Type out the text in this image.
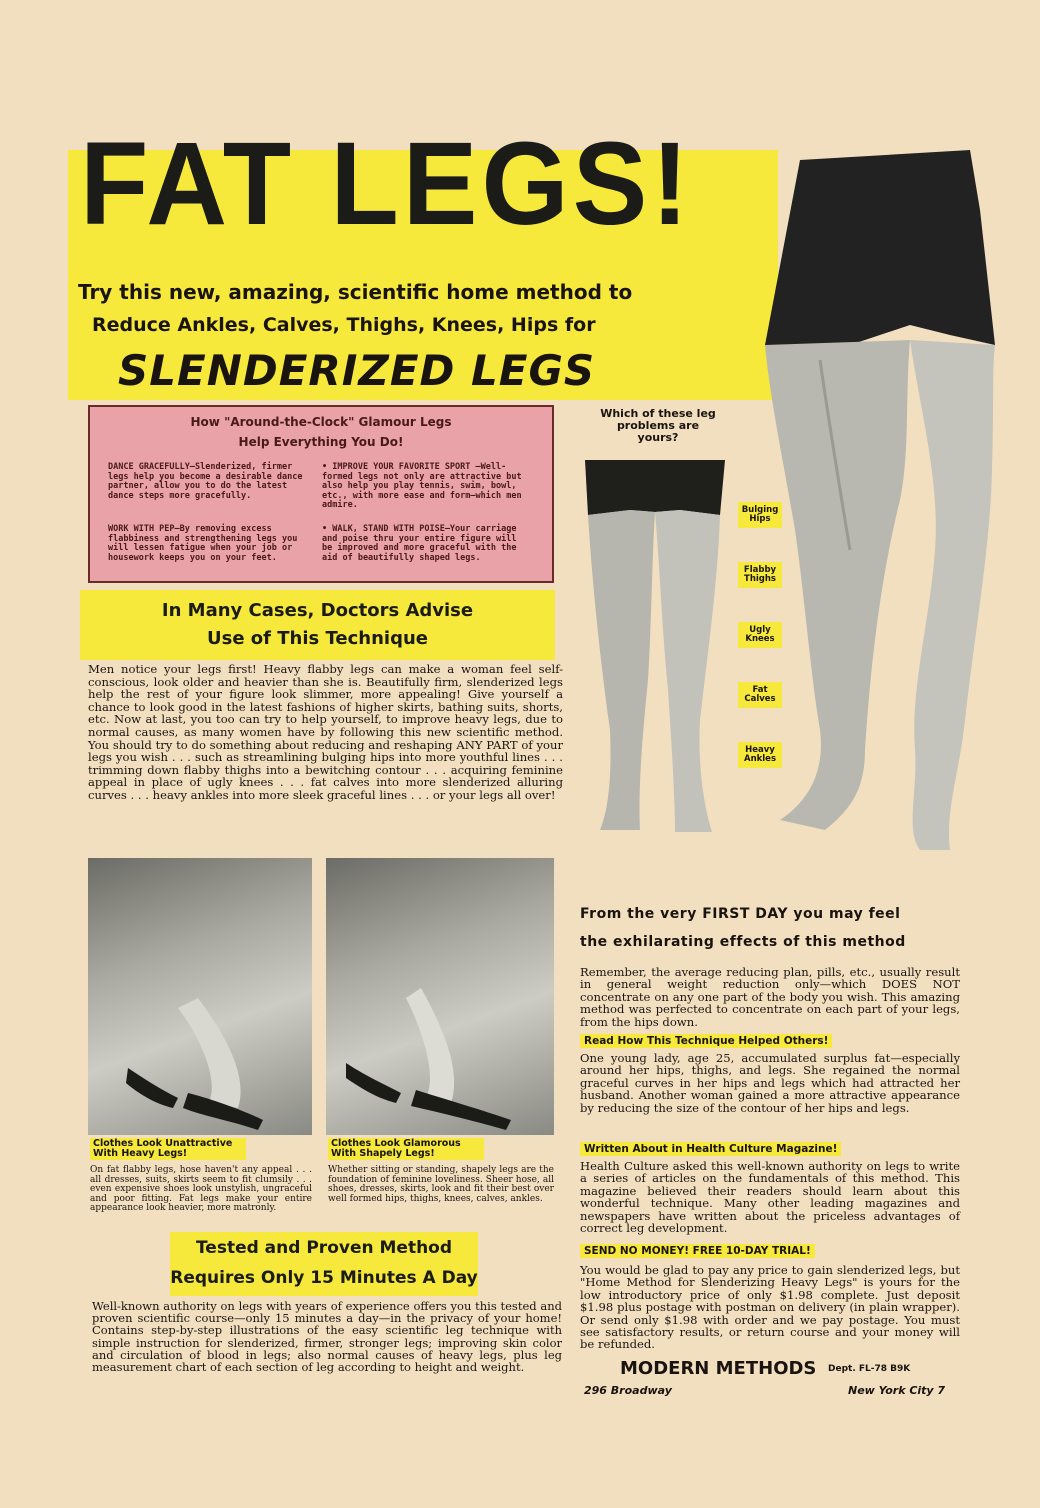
FAT LEGS!
Try this new, amazing, scientific home method to
Reduce Ankles, Calves, Thighs, Knees, Hips for
SLENDERIZED LEGS
How "Around-the-Clock" Glamour Legs
Help Everything You Do!
DANCE GRACEFULLY—Slenderized, firmer legs help you become a desirable dance partner, allow you to do the latest dance steps more gracefully.
• IMPROVE YOUR FAVORITE SPORT —Well-formed legs not only are attractive but also help you play tennis, swim, bowl, etc., with more ease and form—which men admire.
WORK WITH PEP—By removing excess flabbiness and strengthening legs you will lessen fatigue when your job or housework keeps you on your feet.
• WALK, STAND WITH POISE—Your carriage and poise thru your entire figure will be improved and more graceful with the aid of beautifully shaped legs.
In Many Cases, Doctors Advise
Use of This Technique
Men notice your legs first! Heavy flabby legs can make a woman feel self-conscious, look older and heavier than she is. Beautifully firm, slenderized legs help the rest of your figure look slimmer, more appealing! Give yourself a chance to look good in the latest fashions of higher skirts, bathing suits, shorts, etc. Now at last, you too can try to help yourself, to improve heavy legs, due to normal causes, as many women have by following this new scientific method. You should try to do something about reducing and reshaping ANY PART of your legs you wish . . . such as streamlining bulging hips into more youthful lines . . . trimming down flabby thighs into a bewitching contour . . . acquiring feminine appeal in place of ugly knees . . . fat calves into more slenderized alluring curves . . . heavy ankles into more sleek graceful lines . . . or your legs all over!
Clothes Look Unattractive With Heavy Legs!
On fat flabby legs, hose haven't any appeal . . . all dresses, suits, skirts seem to fit clumsily . . . even expensive shoes look unstylish, ungraceful and poor fitting. Fat legs make your entire appearance look heavier, more matronly.
Clothes Look Glamorous With Shapely Legs!
Whether sitting or standing, shapely legs are the foundation of feminine loveliness. Sheer hose, all shoes, dresses, skirts, look and fit their best over well formed hips, thighs, knees, calves, ankles.
Tested and Proven Method
Requires Only 15 Minutes A Day
Well-known authority on legs with years of experience offers you this tested and proven scientific course—only 15 minutes a day—in the privacy of your home! Contains step-by-step illustrations of the easy scientific leg technique with simple instruction for slenderized, firmer, stronger legs; improving skin color and circulation of blood in legs; also normal causes of heavy legs, plus leg measurement chart of each section of leg according to height and weight.
Which of these leg problems are yours?
Bulging Hips
Flabby Thighs
Ugly Knees
Fat Calves
Heavy Ankles
From the very FIRST DAY you may feel
the exhilarating effects of this method
Remember, the average reducing plan, pills, etc., usually result in general weight reduction only—which DOES NOT concentrate on any one part of the body you wish. This amazing method was perfected to concentrate on each part of your legs, from the hips down.
Read How This Technique Helped Others!
One young lady, age 25, accumulated surplus fat—especially around her hips, thighs, and legs. She regained the normal graceful curves in her hips and legs which had attracted her husband. Another woman gained a more attractive appearance by reducing the size of the contour of her hips and legs.
Written About in Health Culture Magazine!
Health Culture asked this well-known authority on legs to write a series of articles on the fundamentals of this method. This magazine believed their readers should learn about this wonderful technique. Many other leading magazines and newspapers have written about the priceless advantages of correct leg development.
SEND NO MONEY! FREE 10-DAY TRIAL!
You would be glad to pay any price to gain slenderized legs, but "Home Method for Slenderizing Heavy Legs" is yours for the low introductory price of only $1.98 complete. Just deposit $1.98 plus postage with postman on delivery (in plain wrapper). Or send only $1.98 with order and we pay postage. You must see satisfactory results, or return course and your money will be refunded.
MODERN METHODS Dept. FL-78 B9K
296 Broadway	New York City 7
